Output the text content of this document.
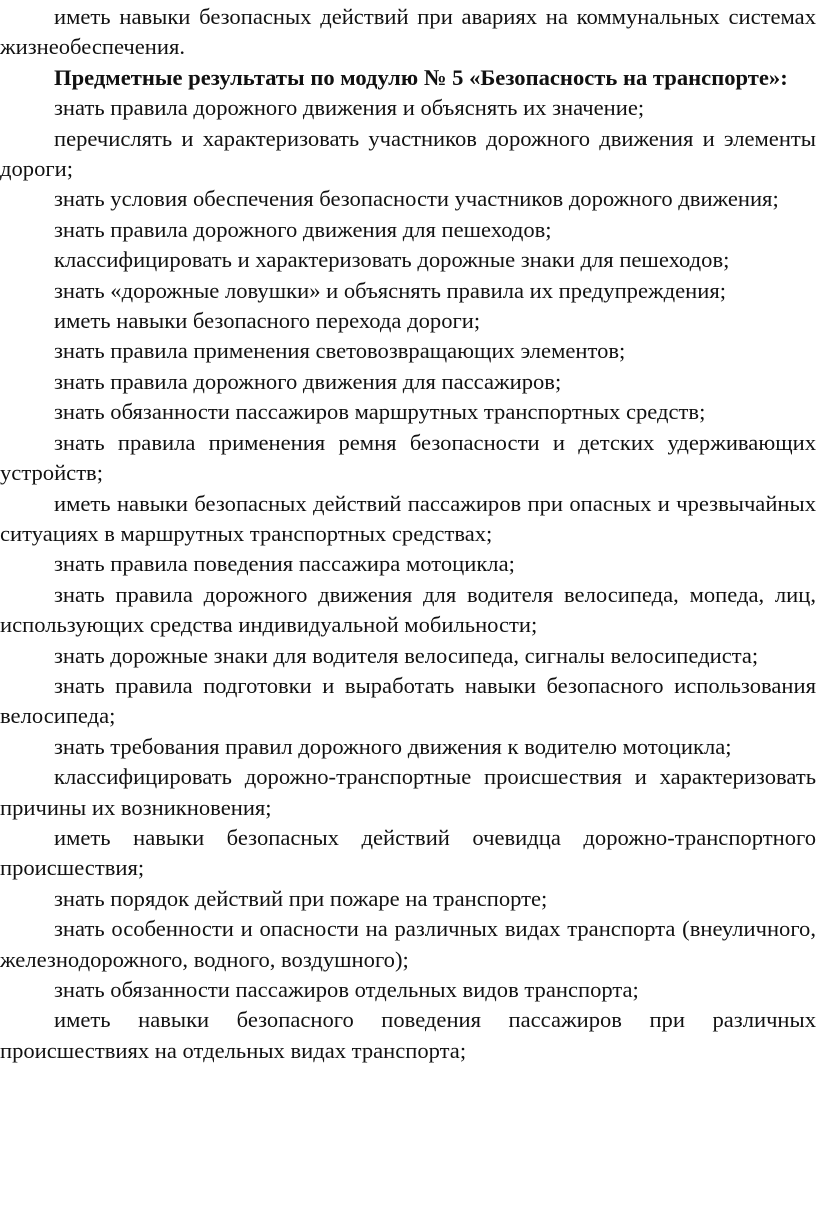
иметь навыки безопасных действий при авариях на коммунальных системах жизнеобеспечения.

Предметные результаты по модулю № 5 «Безопасность на транспорте»:

знать правила дорожного движения и объяснять их значение;

перечислять и характеризовать участников дорожного движения и элементы дороги;

знать условия обеспечения безопасности участников дорожного движения;

знать правила дорожного движения для пешеходов;

классифицировать и характеризовать дорожные знаки для пешеходов;

знать «дорожные ловушки» и объяснять правила их предупреждения;

иметь навыки безопасного перехода дороги;

знать правила применения световозвращающих элементов;

знать правила дорожного движения для пассажиров;

знать обязанности пассажиров маршрутных транспортных средств;

знать правила применения ремня безопасности и детских удерживающих устройств;

иметь навыки безопасных действий пассажиров при опасных и чрезвычайных ситуациях в маршрутных транспортных средствах;

знать правила поведения пассажира мотоцикла;

знать правила дорожного движения для водителя велосипеда, мопеда, лиц, использующих средства индивидуальной мобильности;

знать дорожные знаки для водителя велосипеда, сигналы велосипедиста;

знать правила подготовки и выработать навыки безопасного использования велосипеда;

знать требования правил дорожного движения к водителю мотоцикла;

классифицировать дорожно-транспортные происшествия и характеризовать причины их возникновения;

иметь навыки безопасных действий очевидца дорожно-транспортного происшествия;

знать порядок действий при пожаре на транспорте;

знать особенности и опасности на различных видах транспорта (внеуличного, железнодорожного, водного, воздушного);

знать обязанности пассажиров отдельных видов транспорта;

иметь навыки безопасного поведения пассажиров при различных происшествиях на отдельных видах транспорта;
